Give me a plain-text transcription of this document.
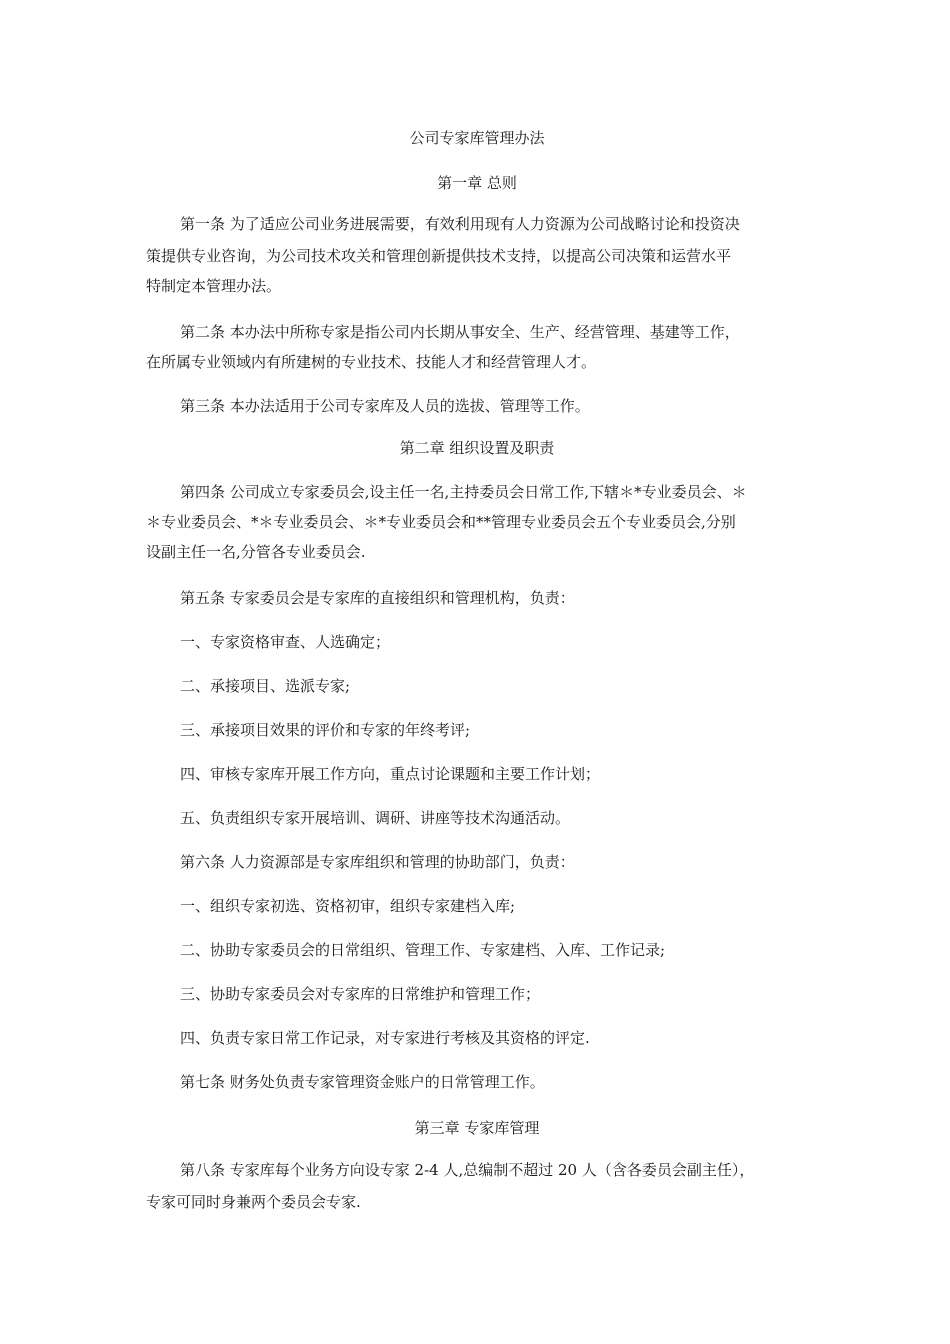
公司专家库管理办法
第一章 总则
第一条 为了适应公司业务进展需要，有效利用现有人力资源为公司战略讨论和投资决
策提供专业咨询，为公司技术攻关和管理创新提供技术支持，以提高公司决策和运营水平
特制定本管理办法。
第二条 本办法中所称专家是指公司内长期从事安全、生产、经营管理、基建等工作，
在所属专业领域内有所建树的专业技术、技能人才和经营管理人才。
第三条 本办法适用于公司专家库及人员的选拔、管理等工作。
第二章 组织设置及职责
第四条 公司成立专家委员会,设主任一名,主持委员会日常工作,下辖＊*专业委员会、＊
＊专业委员会、*＊专业委员会、＊*专业委员会和**管理专业委员会五个专业委员会,分别
设副主任一名,分管各专业委员会.
第五条 专家委员会是专家库的直接组织和管理机构，负责：
一、专家资格审查、人选确定；
二、承接项目、选派专家;
三、承接项目效果的评价和专家的年终考评;
四、审核专家库开展工作方向，重点讨论课题和主要工作计划；
五、负责组织专家开展培训、调研、讲座等技术沟通活动。
第六条 人力资源部是专家库组织和管理的协助部门，负责：
一、组织专家初选、资格初审，组织专家建档入库;
二、协助专家委员会的日常组织、管理工作、专家建档、入库、工作记录;
三、协助专家委员会对专家库的日常维护和管理工作；
四、负责专家日常工作记录，对专家进行考核及其资格的评定.
第七条 财务处负责专家管理资金账户的日常管理工作。
第三章 专家库管理
第八条 专家库每个业务方向设专家 2-4 人,总编制不超过 20 人（含各委员会副主任），
专家可同时身兼两个委员会专家.
